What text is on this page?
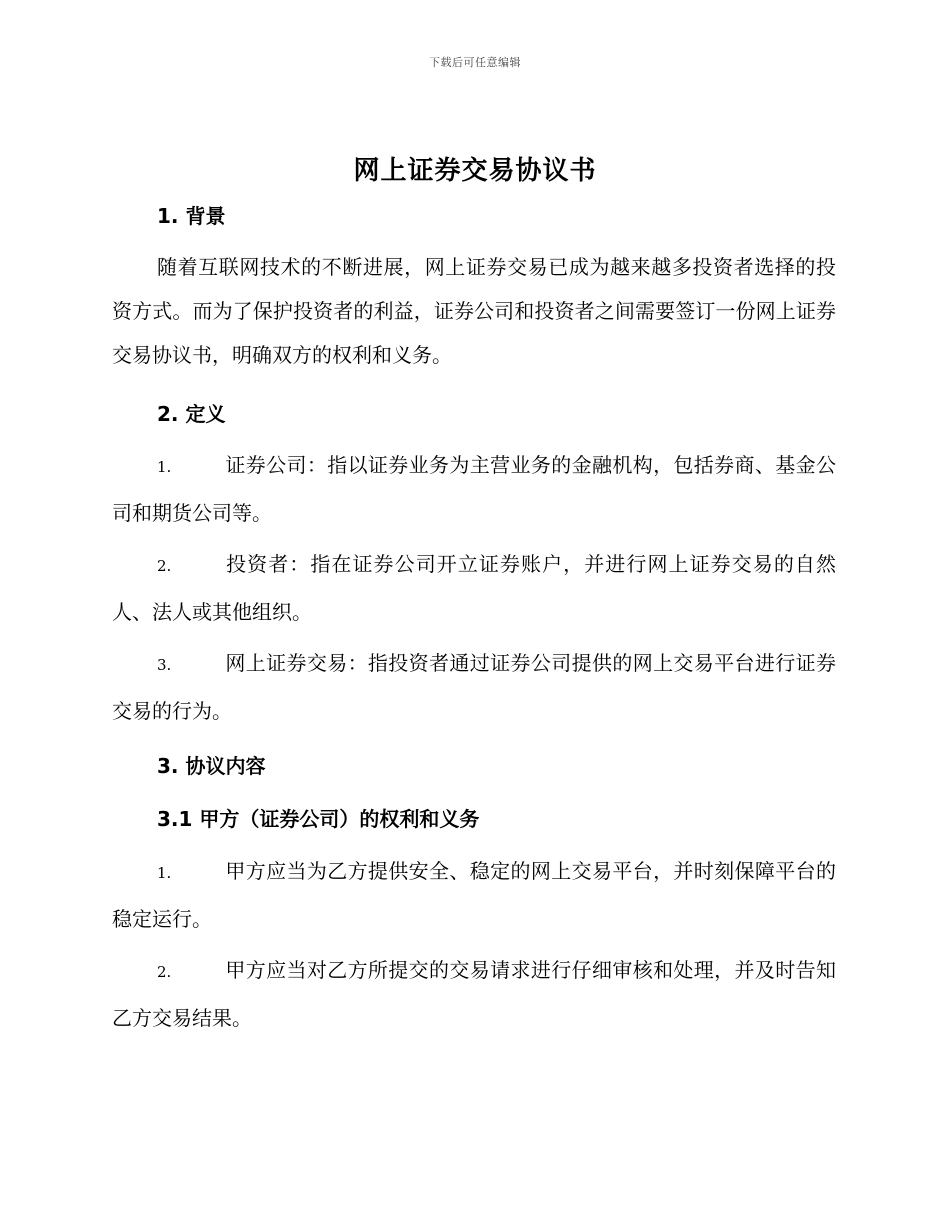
下载后可任意编辑
网上证券交易协议书
1. 背景

随着互联网技术的不断进展，网上证券交易已成为越来越多投资者选择的投资方式。而为了保护投资者的利益，证券公司和投资者之间需要签订一份网上证券交易协议书，明确双方的权利和义务。

2. 定义

1.	证券公司：指以证券业务为主营业务的金融机构，包括券商、基金公司和期货公司等。

2.	投资者：指在证券公司开立证券账户，并进行网上证券交易的自然人、法人或其他组织。

3.	网上证券交易：指投资者通过证券公司提供的网上交易平台进行证券交易的行为。

3. 协议内容
3.1 甲方（证券公司）的权利和义务

1.	甲方应当为乙方提供安全、稳定的网上交易平台，并时刻保障平台的稳定运行。

2.	甲方应当对乙方所提交的交易请求进行仔细审核和处理，并及时告知乙方交易结果。
